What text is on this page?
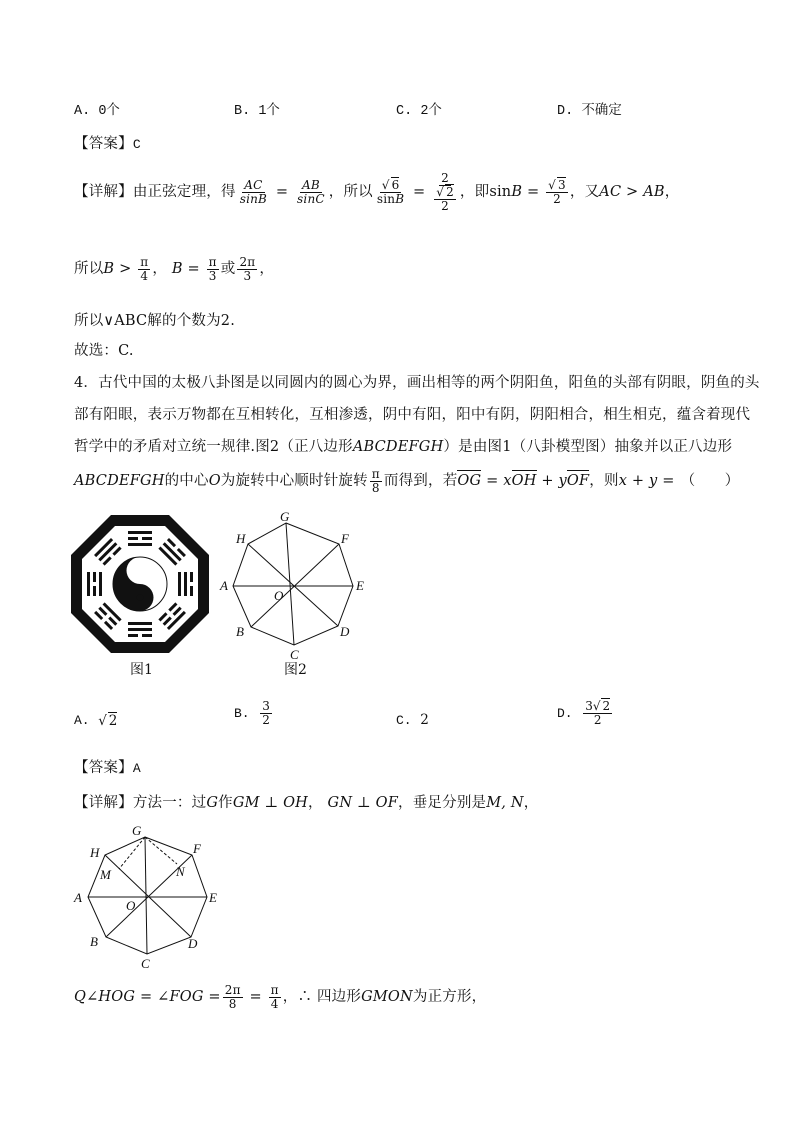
A. 0个	B. 1个	C. 2个	D. 不确定
【答案】C
【详解】 由正弦定理，得 $\frac{AC}{\sin B} = \frac{AB}{\sin C}$ ，所以 $\frac{√ 6}{\sin B} = \frac{2}{\frac{√ 2}{2}}$ ，即 $\sin B = \frac{√ 3}{2}$ ，又 AC > AB ，
所以 $B > \frac{\pi}{4}$ ， $B = \frac{\pi}{3}$ 或 $\frac{2\pi}{3}$ ，
所以∨ABC解的个数为2.
故选：C.
4．古代中国的太极八卦图是以同圆内的圆心为界，画出相等的两个阴阳鱼，阳鱼的头部有阴眼，阴鱼的头
部有阳眼，表示万物都在互相转化，互相渗透，阴中有阳，阳中有阴，阴阳相合，相生相克，蕴含着现代
哲学中的矛盾对立统一规律.图2（正八边形ABCDEFGH）是由图1（八卦模型图）抽象并以正八边形
ABCDEFGH 的中心 O 为旋转中心顺时针旋转 $\frac{\pi}{8}$ 而得到，若 OG = xOH + yOF ，则 x + y = （　　）
图1
G
F
E
D
C
B
A
H
O
图2
A. √ 2	B.
$\frac{3}{2}$	C. 2	D.
$\frac{3√ 2}{2}$
【答案】A
【详解】方法一：过G作GM ⊥ OH， GN ⊥ OF，垂足分别是M, N，
G
H	F
M	N
A	E
O
B	D
C
Q∠HOG = ∠FOG = $\frac{2\pi}{8} = \frac{\pi}{4}$ ，∴ 四边形 GMON 为正方形，
